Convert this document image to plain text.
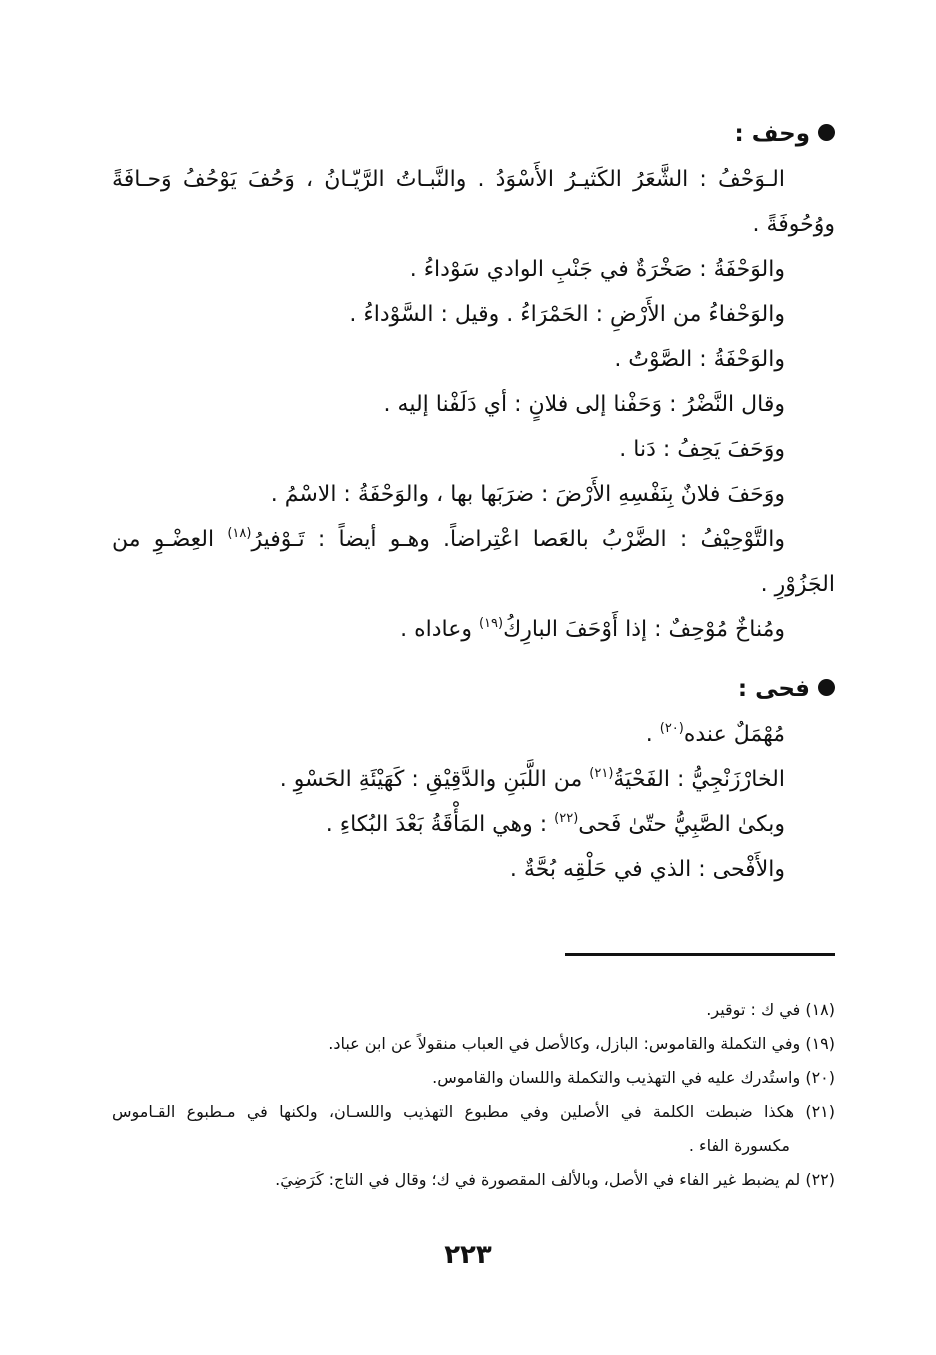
وحف :
الـوَحْفُ : الشَّعَرُ الكَثيـرُ الأَسْوَدُ . والنَّبـاتُ الرَّيّـانُ ، وَحُفَ يَوْحُفُ وَحـافَةً
ووُحُوفَةً .
والوَحْفَةُ : صَخْرَةٌ في جَنْبِ الوادي سَوْداءُ .
والوَحْفاءُ من الأَرْضِ : الحَمْرَاءُ . وقيل : السَّوْداءُ .
والوَحْفَةُ : الصَّوْتُ .
وقال النَّضْرُ : وَحَفْنا إلى فلانٍ : أي دَلَفْنا إليه .
ووَحَفَ يَحِفُ : دَنا .
ووَحَفَ فلانٌ بِنَفْسِهِ الأَرْضَ : ضرَبَها بها ، والوَحْفَةُ : الاسْمُ .
والتَّوْحِيْفُ : الضَّرْبُ بالعَصا اعْتِراضاً. وهـو أيضاً : تَـوْفيرُ$^{(١٨)}$ العِضْـوِ من
الجَزُوْرِ .
ومُناخٌ مُوْحِفٌ : إذا أَوْحَفَ البارِكُ$^{(١٩)}$ وعاداه .
فحى :
مُهْمَلٌ عنده$^{(٢٠)}$ .
الخارْزَنْجِيُّ : الفَحْيَةُ$^{(٢١)}$ من اللَّبَنِ والدَّقِيْقِ : كَهَيْئَةِ الحَسْوِ .
وبكىٰ الصَّبِيُّ حتّىٰ فَحى$^{(٢٢)}$ : وهي المَأْقَةُ بَعْدَ البُكاءِ .
والأَفْحى : الذي في حَلْقِه بُحَّةٌ .
(١٨) في ك : توقير.
(١٩) وفي التكملة والقاموس: البازل، وكالأصل في العباب منقولاً عن ابن عباد.
(٢٠) واستُدرك عليه في التهذيب والتكملة واللسان والقاموس.
(٢١) هكذا ضبطت الكلمة في الأصلين وفي مطبوع التهذيب واللسـان، ولكنها في مـطبوع القـاموس
مكسورة الفاء .
(٢٢) لم يضبط غير الفاء في الأصل، وبالألف المقصورة في ك؛ وقال في التاج: كَرَضِيَ.
٢٢٣
